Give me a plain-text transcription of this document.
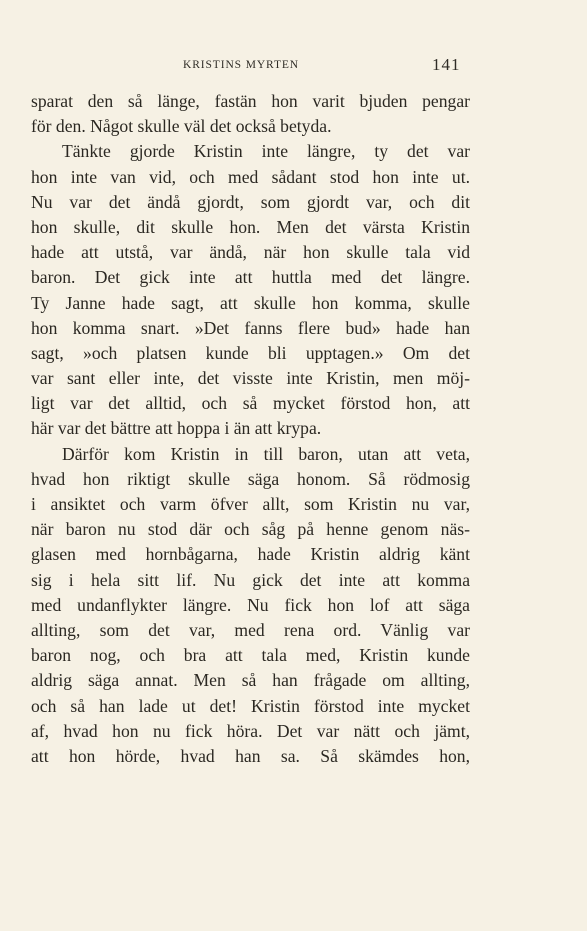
KRISTINS MYRTEN	141
sparat den så länge, fastän hon varit bjuden pengar
för den. Något skulle väl det också betyda.
Tänkte gjorde Kristin inte längre, ty det var
hon inte van vid, och med sådant stod hon inte ut.
Nu var det ändå gjordt, som gjordt var, och dit
hon skulle, dit skulle hon. Men det värsta Kristin
hade att utstå, var ändå, när hon skulle tala vid
baron. Det gick inte att huttla med det längre.
Ty Janne hade sagt, att skulle hon komma, skulle
hon komma snart. »Det fanns flere bud» hade han
sagt, »och platsen kunde bli upptagen.» Om det
var sant eller inte, det visste inte Kristin, men möj-
ligt var det alltid, och så mycket förstod hon, att
här var det bättre att hoppa i än att krypa.
Därför kom Kristin in till baron, utan att veta,
hvad hon riktigt skulle säga honom. Så rödmosig
i ansiktet och varm öfver allt, som Kristin nu var,
när baron nu stod där och såg på henne genom näs-
glasen med hornbågarna, hade Kristin aldrig känt
sig i hela sitt lif. Nu gick det inte att komma
med undanflykter längre. Nu fick hon lof att säga
allting, som det var, med rena ord. Vänlig var
baron nog, och bra att tala med, Kristin kunde
aldrig säga annat. Men så han frågade om allting,
och så han lade ut det! Kristin förstod inte mycket
af, hvad hon nu fick höra. Det var nätt och jämt,
att hon hörde, hvad han sa. Så skämdes hon,
